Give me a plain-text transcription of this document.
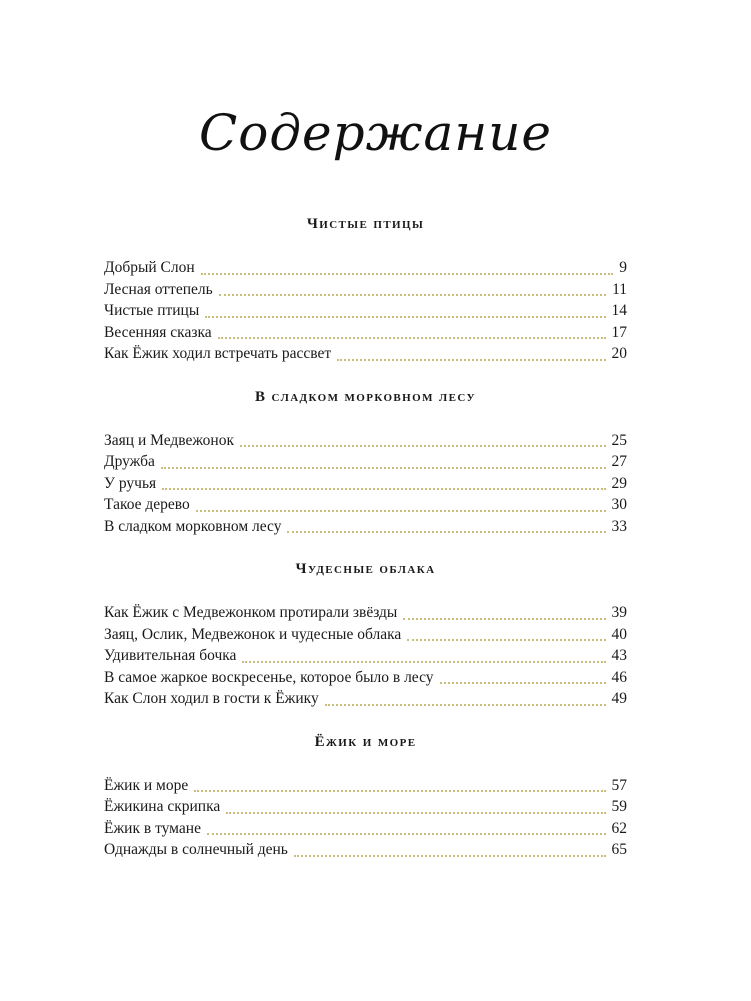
Содержание
Чистые птицы
Добрый Слон	9
Лесная оттепель	11
Чистые птицы	14
Весенняя сказка	17
Как Ёжик ходил встречать рассвет	20
В сладком морковном лесу
Заяц и Медвежонок	25
Дружба	27
У ручья	29
Такое дерево	30
В сладком морковном лесу	33
Чудесные облака
Как Ёжик с Медвежонком протирали звёзды	39
Заяц, Ослик, Медвежонок и чудесные облака	40
Удивительная бочка	43
В самое жаркое воскресенье, которое было в лесу	46
Как Слон ходил в гости к Ёжику	49
Ёжик и море
Ёжик и море	57
Ёжикина скрипка	59
Ёжик в тумане	62
Однажды в солнечный день	65
